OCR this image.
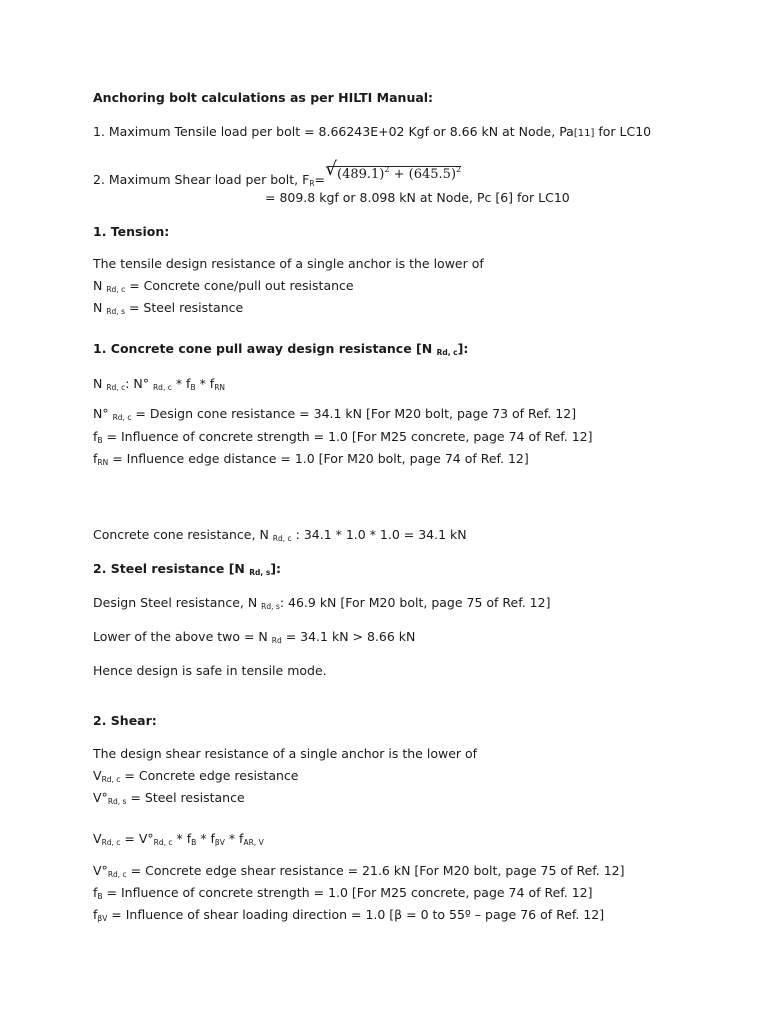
Anchoring bolt calculations as per HILTI Manual:
1. Maximum Tensile load per bolt = 8.66243E+02 Kgf or 8.66 kN at Node, Pa[11] for LC10
2. Maximum Shear load per bolt, $F_R=√$ $(489.1)^2 + (645.5)^2$
= 809.8 kgf or 8.098 kN at Node, Pc [6] for LC10
1. Tension:
The tensile design resistance of a single anchor is the lower of
N $_{Rd, c}$ = Concrete cone/pull out resistance
N $_{Rd, s}$ = Steel resistance
1. Concrete cone pull away design resistance [N $_{Rd, c}$]:
N $_{Rd, c}$: N° $_{Rd, c} * f_B * f_{RN}$
N° $_{Rd, c}$ = Design cone resistance = 34.1 kN [For M20 bolt, page 73 of Ref. 12]
$f_B$ = Influence of concrete strength = 1.0 [For M25 concrete, page 74 of Ref. 12]
$f_{RN}$ = Influence edge distance = 1.0 [For M20 bolt, page 74 of Ref. 12]
Concrete cone resistance, N $_{Rd, c}$ : 34.1 * 1.0 * 1.0 = 34.1 kN
2. Steel resistance [N $_{Rd, s}$]:
Design Steel resistance, N $_{Rd, s}$: 46.9 kN [For M20 bolt, page 75 of Ref. 12]
Lower of the above two = N $_{Rd}$ = 34.1 kN > 8.66 kN
Hence design is safe in tensile mode.
2. Shear:
The design shear resistance of a single anchor is the lower of
$V_{Rd, c}$ = Concrete edge resistance
$V^\circ_{Rd, s}$ = Steel resistance
$V_{Rd, c} = V^\circ_{Rd, c} * f_B * f_{\beta V} * f_{AR, V}$
$V^\circ_{Rd, c}$ = Concrete edge shear resistance = 21.6 kN [For M20 bolt, page 75 of Ref. 12]
$f_B$ = Influence of concrete strength = 1.0 [For M25 concrete, page 74 of Ref. 12]
$f_{\beta V}$ = Influence of shear loading direction = 1.0 [β = 0 to 55º – page 76 of Ref. 12]
